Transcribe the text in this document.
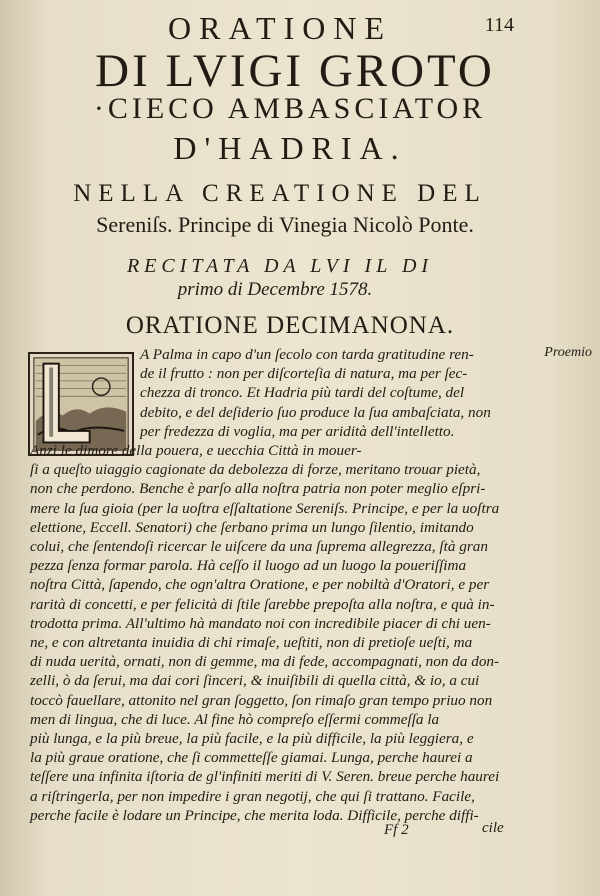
114
ORATIONE
DI LVIGI GROTO
·CIECO AMBASCIATOR
D'HADRIA.
NELLA CREATIONE DEL
Sereniſs. Principe di Vinegia Nicolò Ponte.
RECITATA DA LVI IL DI
primo di Decembre 1578.
ORATIONE DECIMANONA.
Proemio
A Palma in capo d'un ſecolo con tarda gratitudine ren-
de il frutto : non per diſcorteſia di natura, ma per ſec-
chezza di tronco. Et Hadria più tardi del coſtume, del
debito, e del deſiderio ſuo produce la ſua ambaſciata, non
per fredezza di voglia, ma per aridità dell'intelletto.
Anzi le dimore della pouera, e uecchia Città in mouer-
ſi a queſto uiaggio cagionate da debolezza di forze, meritano trouar pietà,
non che perdono. Benche è parſo alla noſtra patria non poter meglio eſpri-
mere la ſua gioia (per la uoſtra eſſaltatione Sereniſs. Principe, e per la uoſtra
elettione, Eccell. Senatori) che ſerbano prima un lungo ſilentio, imitando
colui, che ſentendoſi ricercar le uiſcere da una ſuprema allegrezza, ſtà gran
pezza ſenza formar parola. Hà ceſſo il luogo ad un luogo la poueriſſima
noſtra Città, ſapendo, che ogn'altra Oratione, e per nobiltà d'Oratori, e per
rarità di concetti, e per felicità di ſtile ſarebbe prepoſta alla noſtra, e quà in-
trodotta prima. All'ultimo hà mandato noi con incredibile piacer di chi uen-
ne, e con altretanta inuidia di chi rimaſe, ueſtiti, non di pretioſe ueſti, ma
di nuda uerità, ornati, non di gemme, ma di fede, accompagnati, non da don-
zelli, ò da ſerui, ma dai cori ſinceri, & inuiſibili di quella città, & io, a cui
toccò fauellare, attonito nel gran ſoggetto, ſon rimaſo gran tempo priuo non
men di lingua, che di luce. Al fine hò compreſo eſſermi commeſſa la
più lunga, e la più breue, la più facile, e la più difficile, la più leggiera, e
la più graue oratione, che ſi commetteſſe giamai. Lunga, perche haurei a
teſſere una infinita iſtoria de gl'infiniti meriti di V. Seren. breue perche haurei
a riſtringerla, per non impedire i gran negotij, che qui ſi trattano. Facile,
perche facile è lodare un Principe, che merita loda. Difficile, perche diffi-
Ff 2	cile
